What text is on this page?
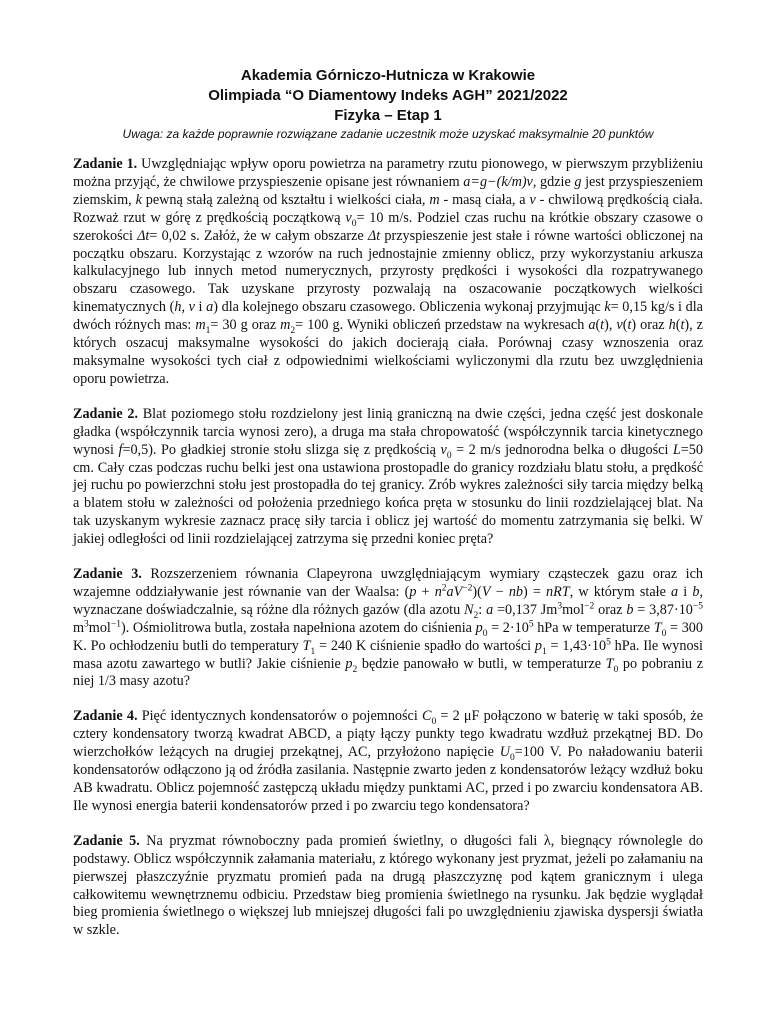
Akademia Górniczo-Hutnicza w Krakowie

Olimpiada “O Diamentowy Indeks AGH” 2021/2022

Fizyka – Etap 1

Uwaga: za każde poprawnie rozwiązane zadanie uczestnik może uzyskać maksymalnie 20 punktów

Zadanie 1. Uwzględniając wpływ oporu powietrza na parametry rzutu pionowego, w pierwszym przybliżeniu można przyjąć, że chwilowe przyspieszenie opisane jest równaniem a=g−(k/m)v, gdzie g jest przyspieszeniem ziemskim, k pewną stałą zależną od kształtu i wielkości ciała, m - masą ciała, a v - chwilową prędkością ciała. Rozważ rzut w górę z prędkością początkową $v_0= 10$ m/s. Podziel czas ruchu na krótkie obszary czasowe o szerokości Δt= 0,02 s. Załóż, że w całym obszarze Δt przyspieszenie jest stałe i równe wartości obliczonej na początku obszaru. Korzystając z wzorów na ruch jednostajnie zmienny oblicz, przy wykorzystaniu arkusza kalkulacyjnego lub innych metod numerycznych, przyrosty prędkości i wysokości dla rozpatrywanego obszaru czasowego. Tak uzyskane przyrosty pozwalają na oszacowanie początkowych wielkości kinematycznych (h, v i a) dla kolejnego obszaru czasowego. Obliczenia wykonaj przyjmując k= 0,15 kg/s i dla dwóch różnych mas: $m_1= 30$ g oraz $m_2= 100$ g. Wyniki obliczeń przedstaw na wykresach a(t), v(t) oraz h(t), z których oszacuj maksymalne wysokości do jakich docierają ciała. Porównaj czasy wznoszenia oraz maksymalne wysokości tych ciał z odpowiednimi wielkościami wyliczonymi dla rzutu bez uwzględnienia oporu powietrza.

Zadanie 2. Blat poziomego stołu rozdzielony jest linią graniczną na dwie części, jedna część jest doskonale gładka (współczynnik tarcia wynosi zero), a druga ma stała chropowatość (współczynnik tarcia kinetycznego wynosi f=0,5). Po gładkiej stronie stołu slizga się z prędkością $v_0 = 2$ m/s jednorodna belka o długości L=50 cm. Cały czas podczas ruchu belki jest ona ustawiona prostopadle do granicy rozdziału blatu stołu, a prędkość jej ruchu po powierzchni stołu jest prostopadła do tej granicy. Zrób wykres zależności siły tarcia między belką a blatem stołu w zależności od położenia przedniego końca pręta w stosunku do linii rozdzielającej blat. Na tak uzyskanym wykresie zaznacz pracę siły tarcia i oblicz jej wartość do momentu zatrzymania się belki. W jakiej odległości od linii rozdzielającej zatrzyma się przedni koniec pręta?

Zadanie 3. Rozszerzeniem równania Clapeyrona uwzględniającym wymiary cząsteczek gazu oraz ich wzajemne oddziaływanie jest równanie van der Waalsa: $(p + n^2aV^{-2})(V - nb)$ = nRT, w którym stałe a i b, wyznaczane doświadczalnie, są różne dla różnych gazów (dla azotu $N_2$: a =0,137 Jm$^3$mol$^{-2}$ oraz $b = 3,87\cdot 10^{-5}$ $m^3mol^{-1}$). Ośmiolitrowa butla, została napełniona azotem do ciśnienia $p_0 = 2\cdot 10^5$ hPa w temperaturze $T_0 = 300$ K. Po ochłodzeniu butli do temperatury $T_1 = 240$ K ciśnienie spadło do wartości $p_1 = 1,43\cdot 10^5$ hPa. Ile wynosi masa azotu zawartego w butli? Jakie ciśnienie $p_2$ będzie panowało w butli, w temperaturze $T_0$ po pobraniu z niej 1/3 masy azotu?

Zadanie 4. Pięć identycznych kondensatorów o pojemności $C_0 = 2$ μF połączono w baterię w taki sposób, że cztery kondensatory tworzą kwadrat ABCD, a piąty łączy punkty tego kwadratu wzdłuż przekątnej BD. Do wierzchołków leżących na drugiej przekątnej, AC, przyłożono napięcie $U_0=100$ V. Po naładowaniu baterii kondensatorów odłączono ją od źródła zasilania. Następnie zwarto jeden z kondensatorów leżący wzdłuż boku AB kwadratu. Oblicz pojemność zastępczą układu między punktami AC, przed i po zwarciu kondensatora AB. Ile wynosi energia baterii kondensatorów przed i po zwarciu tego kondensatora?

Zadanie 5. Na pryzmat równoboczny pada promień świetlny, o długości fali λ, biegnący równolegle do podstawy. Oblicz współczynnik załamania materiału, z którego wykonany jest pryzmat, jeżeli po załamaniu na pierwszej płaszczyźnie pryzmatu promień pada na drugą płaszczyznę pod kątem granicznym i ulega całkowitemu wewnętrznemu odbiciu. Przedstaw bieg promienia świetlnego na rysunku. Jak będzie wyglądał bieg promienia świetlnego o większej lub mniejszej długości fali po uwzględnieniu zjawiska dyspersji światła w szkle.
